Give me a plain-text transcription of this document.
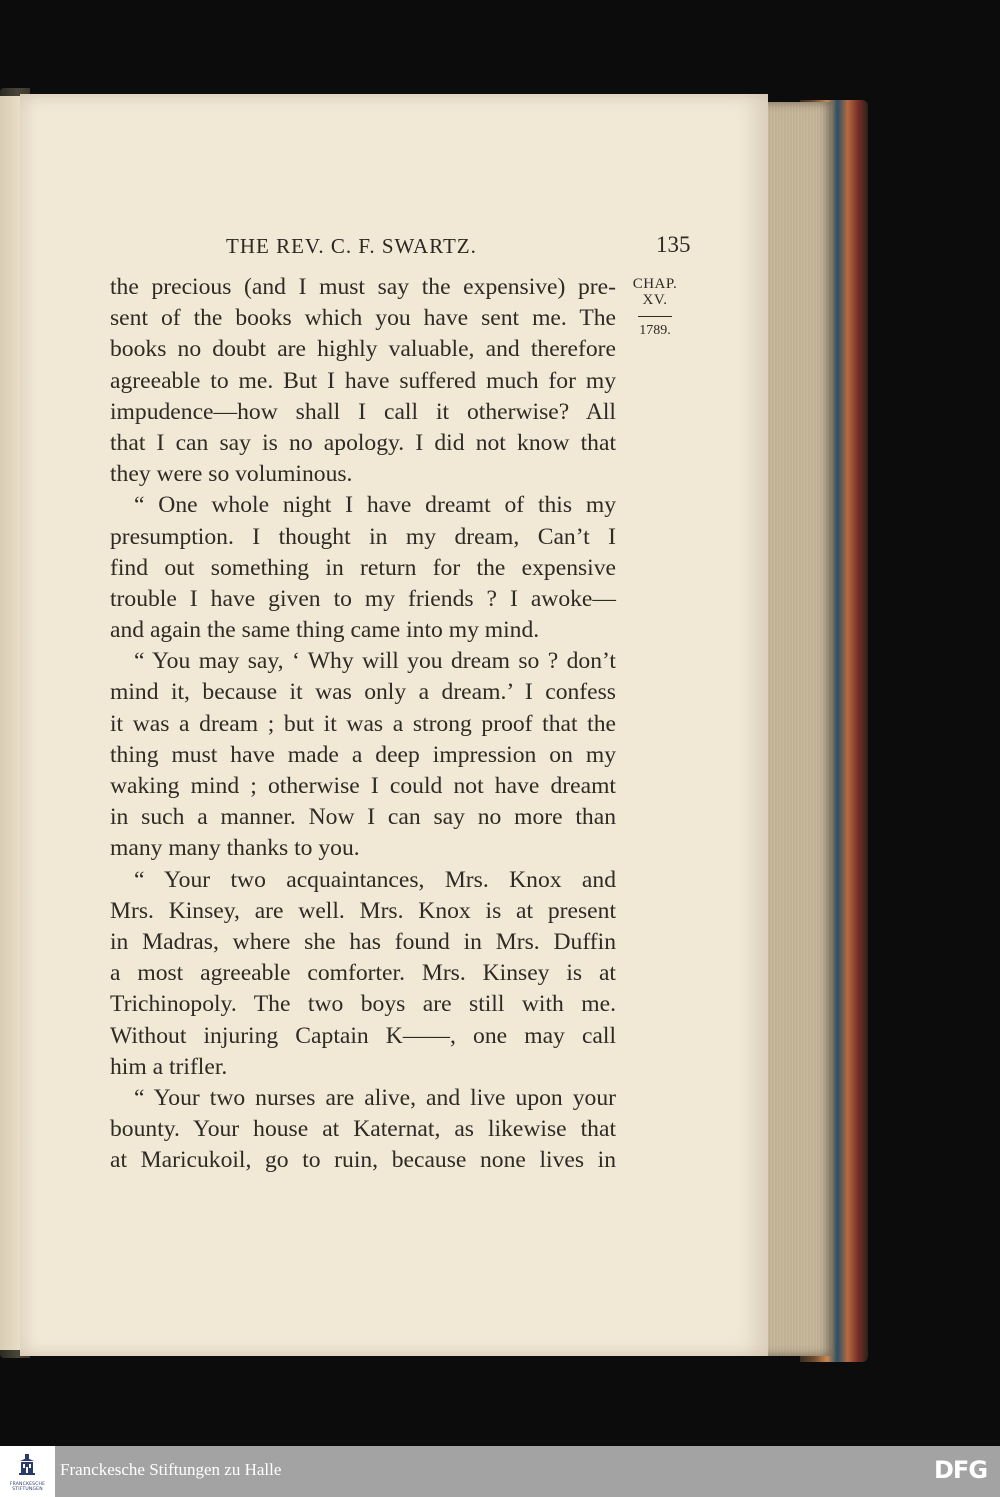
THE REV. C. F. SWARTZ.	135
CHAP.
XV.
1789.
the precious (and I must say the expensive) pre-
sent of the books which you have sent me. The
books no doubt are highly valuable, and therefore
agreeable to me. But I have suffered much for my
impudence—how shall I call it otherwise? All
that I can say is no apology. I did not know that
they were so voluminous.
“ One whole night I have dreamt of this my
presumption. I thought in my dream, Can’t I
find out something in return for the expensive
trouble I have given to my friends ? I awoke—
and again the same thing came into my mind.
“ You may say, ‘ Why will you dream so ? don’t
mind it, because it was only a dream.’ I confess
it was a dream ; but it was a strong proof that the
thing must have made a deep impression on my
waking mind ; otherwise I could not have dreamt
in such a manner. Now I can say no more than
many many thanks to you.
“ Your two acquaintances, Mrs. Knox and
Mrs. Kinsey, are well. Mrs. Knox is at present
in Madras, where she has found in Mrs. Duffin
a most agreeable comforter. Mrs. Kinsey is at
Trichinopoly. The two boys are still with me.
Without injuring Captain K——, one may call
him a trifler.
“ Your two nurses are alive, and live upon your
bounty. Your house at Katernat, as likewise that
at Maricukoil, go to ruin, because none lives in
FRANCKESCHE STIFTUNGEN
Franckesche Stiftungen zu Halle	DFG
